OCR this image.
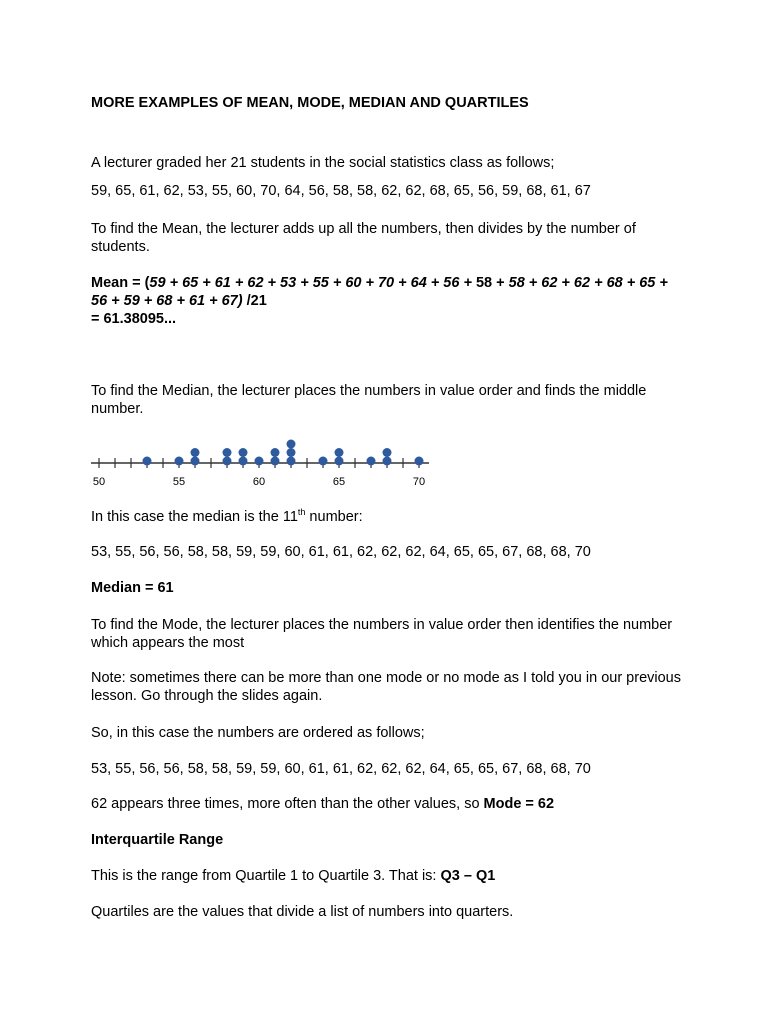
MORE EXAMPLES OF MEAN, MODE, MEDIAN AND QUARTILES

A lecturer graded her 21 students in the social statistics class as follows;

59, 65, 61, 62, 53, 55, 60, 70, 64, 56, 58, 58, 62, 62, 68, 65, 56, 59, 68, 61, 67

To find the Mean, the lecturer adds up all the numbers, then divides by the number of students.

Mean = (59 + 65 + 61 + 62 + 53 + 55 + 60 + 70 + 64 + 56 + 58 + 58 + 62 + 62 + 68 + 65 + 56 + 59 + 68 + 61 + 67) /21
= 61.38095...

To find the Median, the lecturer places the numbers in value order and finds the middle number.

50	55	60	65	70

In this case the median is the 11th number:

53, 55, 56, 56, 58, 58, 59, 59, 60, 61, 61, 62, 62, 62, 64, 65, 65, 67, 68, 68, 70

Median = 61

To find the Mode, the lecturer places the numbers in value order then identifies the number which appears the most

Note: sometimes there can be more than one mode or no mode as I told you in our previous lesson. Go through the slides again.

So, in this case the numbers are ordered as follows;

53, 55, 56, 56, 58, 58, 59, 59, 60, 61, 61, 62, 62, 62, 64, 65, 65, 67, 68, 68, 70

62 appears three times, more often than the other values, so Mode = 62

Interquartile Range

This is the range from Quartile 1 to Quartile 3. That is: Q3 – Q1

Quartiles are the values that divide a list of numbers into quarters.
